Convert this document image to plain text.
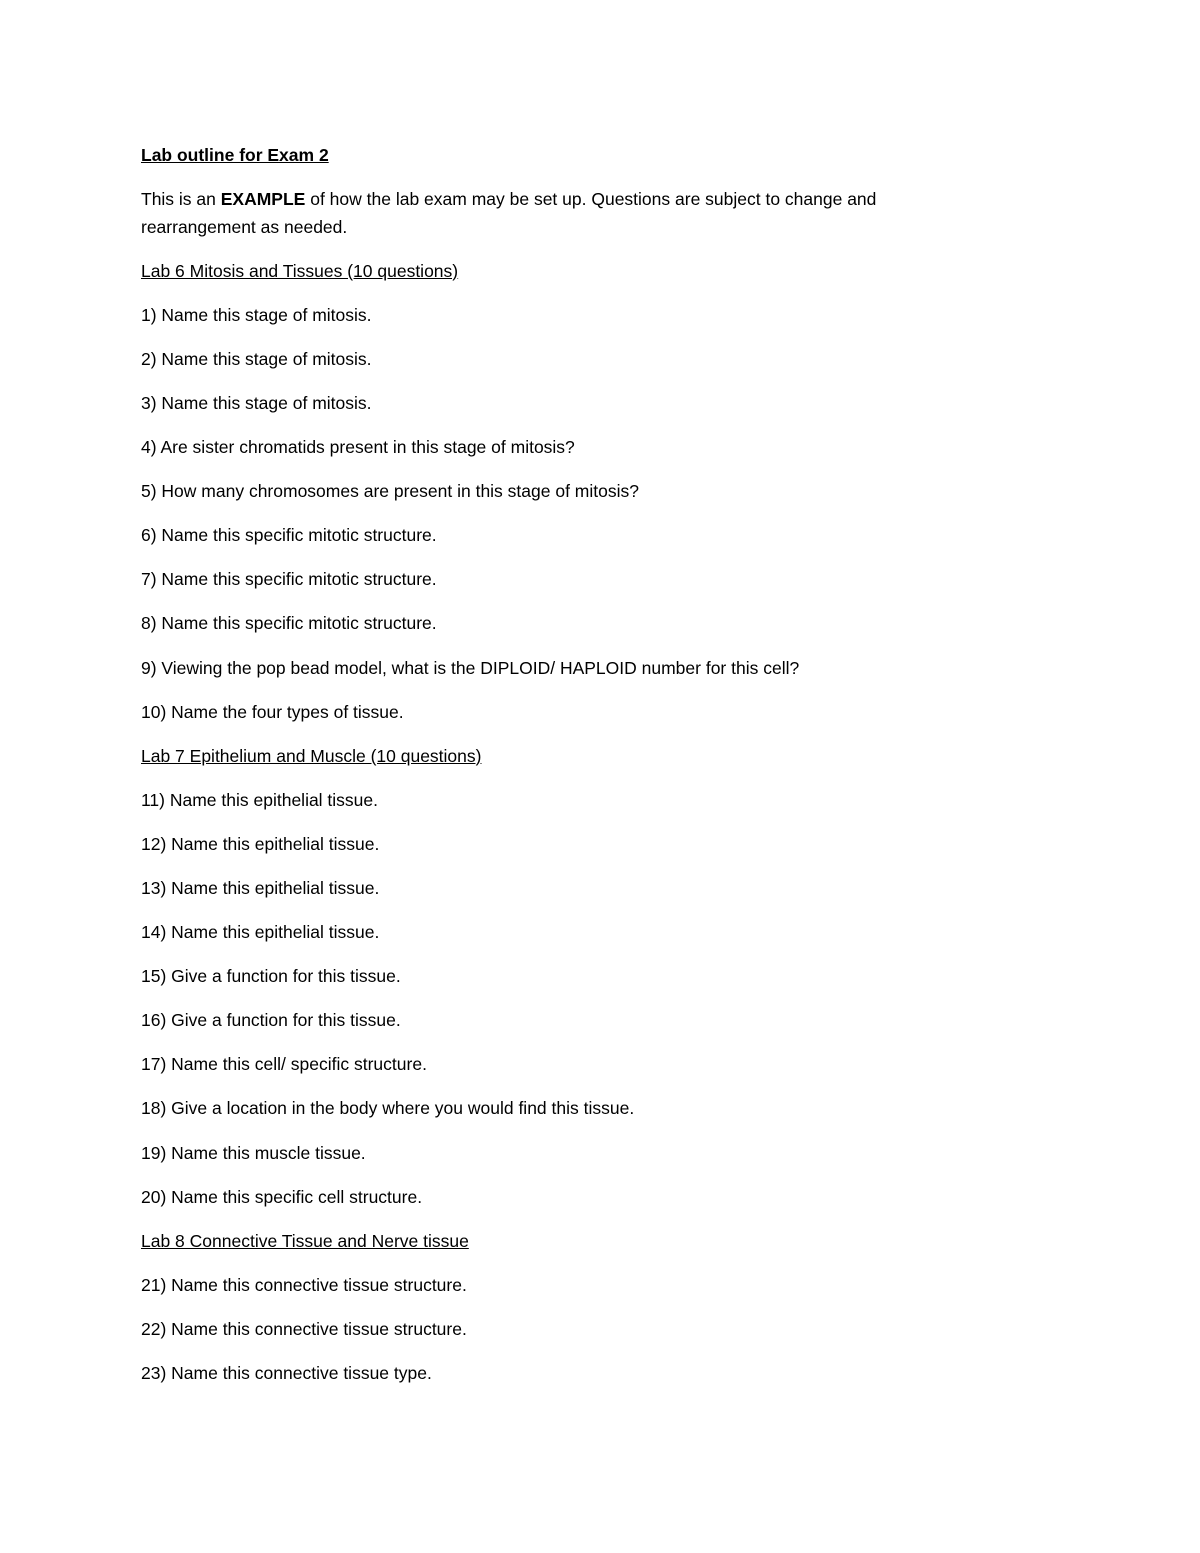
Lab outline for Exam 2
This is an EXAMPLE of how the lab exam may be set up. Questions are subject to change and
rearrangement as needed.
Lab 6 Mitosis and Tissues (10 questions)
1) Name this stage of mitosis.
2) Name this stage of mitosis.
3) Name this stage of mitosis.
4) Are sister chromatids present in this stage of mitosis?
5) How many chromosomes are present in this stage of mitosis?
6) Name this specific mitotic structure.
7) Name this specific mitotic structure.
8) Name this specific mitotic structure.
9) Viewing the pop bead model, what is the DIPLOID/ HAPLOID number for this cell?
10) Name the four types of tissue.
Lab 7 Epithelium and Muscle (10 questions)
11) Name this epithelial tissue.
12) Name this epithelial tissue.
13) Name this epithelial tissue.
14) Name this epithelial tissue.
15) Give a function for this tissue.
16) Give a function for this tissue.
17) Name this cell/ specific structure.
18) Give a location in the body where you would find this tissue.
19) Name this muscle tissue.
20) Name this specific cell structure.
Lab 8 Connective Tissue and Nerve tissue
21) Name this connective tissue structure.
22) Name this connective tissue structure.
23) Name this connective tissue type.
